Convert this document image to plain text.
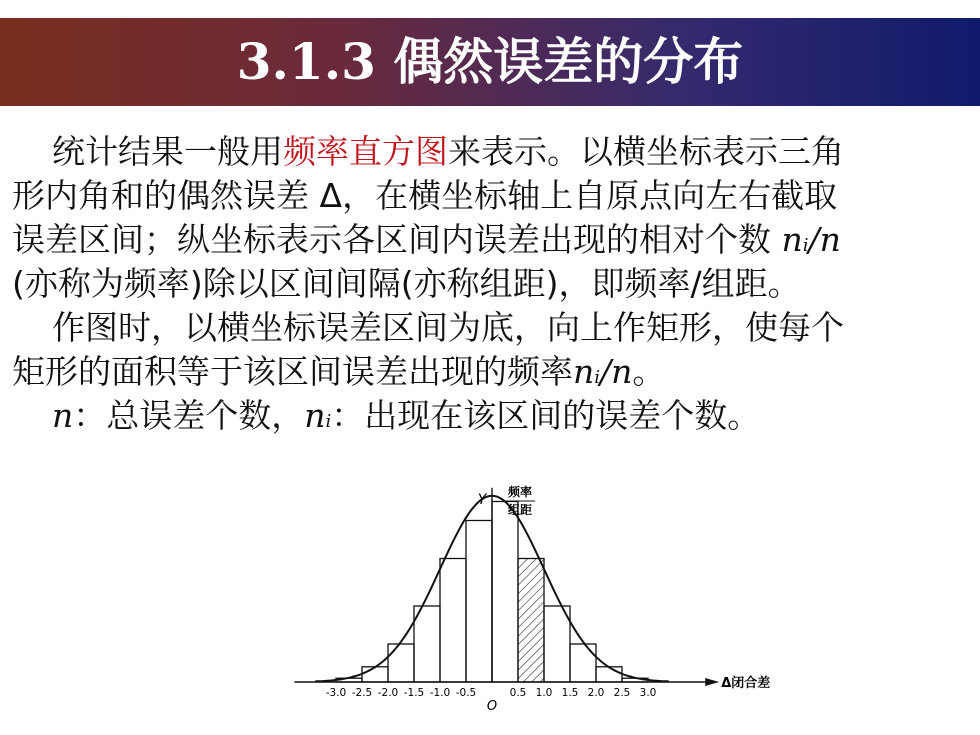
3.1.3 偶然误差的分布
统计结果一般用频率直方图来表示。以横坐标表示三角
形内角和的偶然误差 Δ，在横坐标轴上自原点向左右截取
误差区间；纵坐标表示各区间内误差出现的相对个数 ni/n
(亦称为频率)除以区间间隔(亦称组距)，即频率/组距。
作图时，以横坐标误差区间为底，向上作矩形，使每个
矩形的面积等于该区间误差出现的频率ni/n。
n：总误差个数，ni：出现在该区间的误差个数。
Y 频率
组距
Δ闭合差
O
-3.0 -2.5 -2.0 -1.5 -1.0 -0.5	0.5 1.0 1.5 2.0 2.5 3.0
